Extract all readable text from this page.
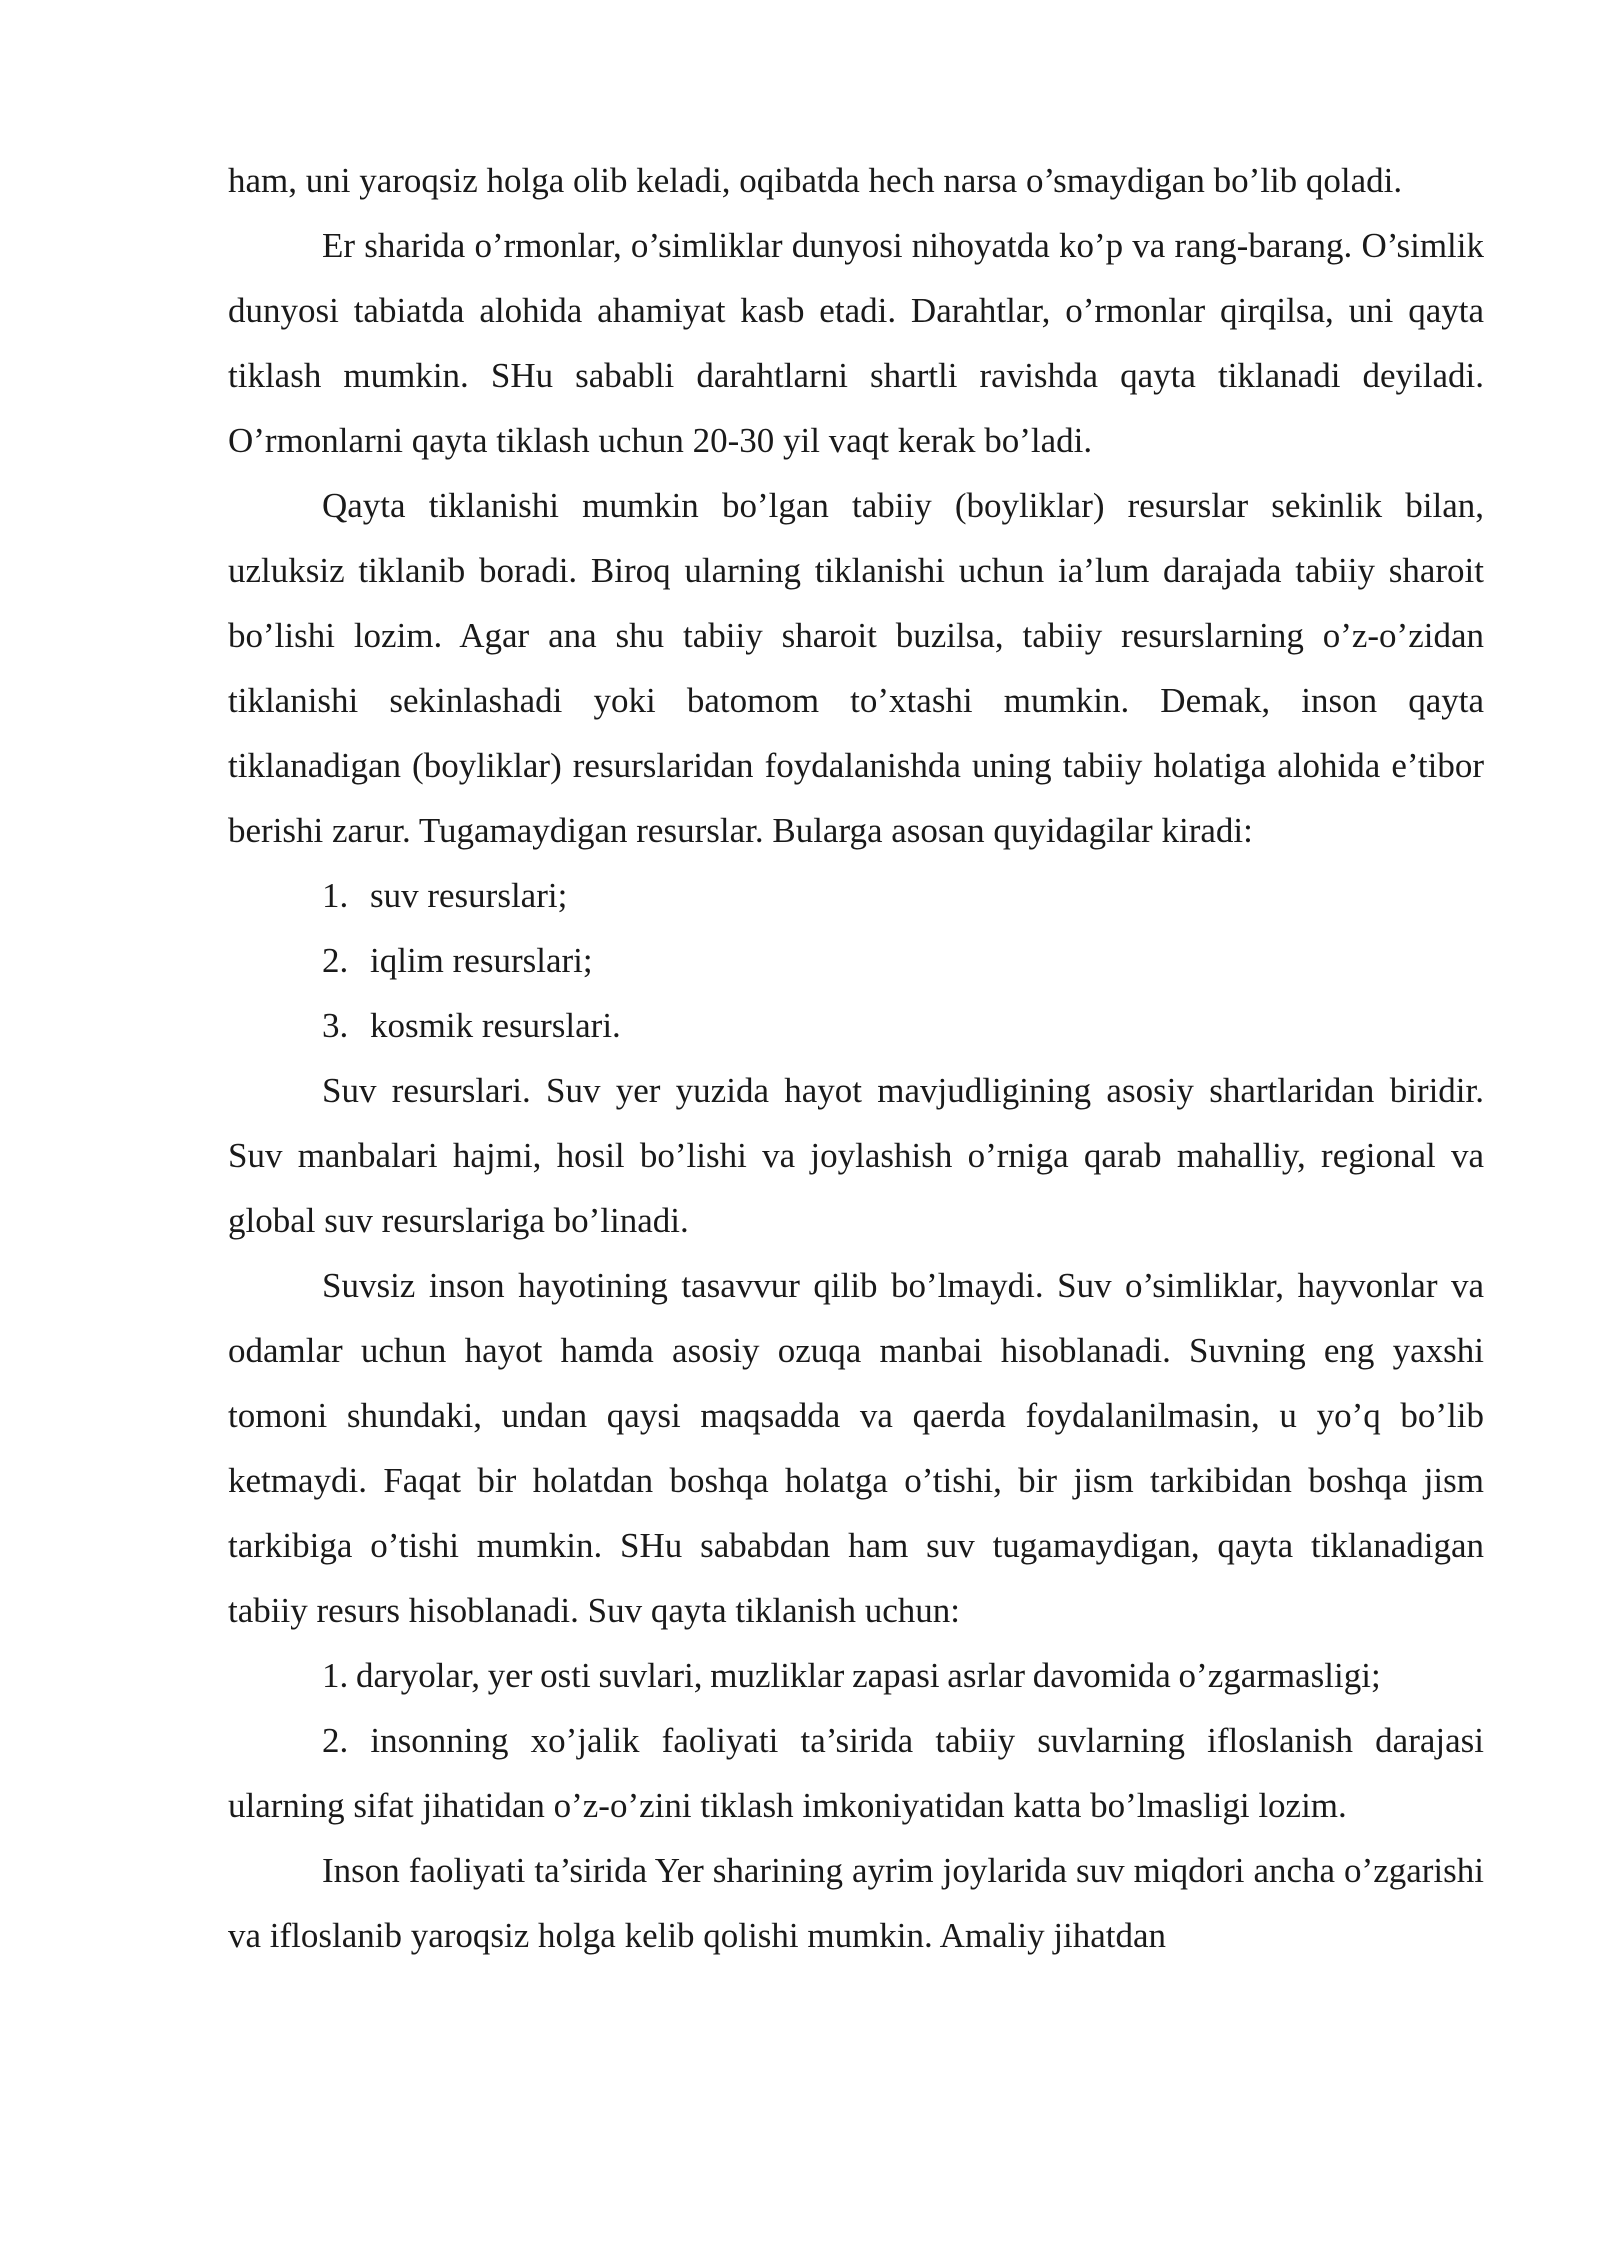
ham, uni yaroqsiz holga olib keladi, oqibatda hech narsa o’smaydigan bo’lib qoladi.

Er sharida o’rmonlar, o’simliklar dunyosi nihoyatda ko’p va rang-barang. O’simlik dunyosi tabiatda alohida ahamiyat kasb etadi. Darahtlar, o’rmonlar qirqilsa, uni qayta tiklash mumkin. SHu sababli darahtlarni shartli ravishda qayta tiklanadi deyiladi. O’rmonlarni qayta tiklash uchun 20-30 yil vaqt kerak bo’ladi.

Qayta tiklanishi mumkin bo’lgan tabiiy (boyliklar) resurslar sekinlik bilan, uzluksiz tiklanib boradi. Biroq ularning tiklanishi uchun ia’lum darajada tabiiy sharoit bo’lishi lozim. Agar ana shu tabiiy sharoit buzilsa, tabiiy resurslarning o’z-o’zidan tiklanishi sekinlashadi yoki batomom to’xtashi mumkin. Demak, inson qayta tiklanadigan (boyliklar) resurslaridan foydalanishda uning tabiiy holatiga alohida e’tibor berishi zarur. Tugamaydigan resurslar. Bularga asosan quyidagilar kiradi:

1. suv resurslari;
2. iqlim resurslari;
3. kosmik resurslari.

Suv resurslari. Suv yer yuzida hayot mavjudligining asosiy shartlaridan biridir. Suv manbalari hajmi, hosil bo’lishi va joylashish o’rniga qarab mahalliy, regional va global suv resurslariga bo’linadi.

Suvsiz inson hayotining tasavvur qilib bo’lmaydi. Suv o’simliklar, hayvonlar va odamlar uchun hayot hamda asosiy ozuqa manbai hisoblanadi. Suvning eng yaxshi tomoni shundaki, undan qaysi maqsadda va qaerda foydalanilmasin, u yo’q bo’lib ketmaydi. Faqat bir holatdan boshqa holatga o’tishi, bir jism tarkibidan boshqa jism tarkibiga o’tishi mumkin. SHu sababdan ham suv tugamaydigan, qayta tiklanadigan tabiiy resurs hisoblanadi. Suv qayta tiklanish uchun:

1. daryolar, yer osti suvlari, muzliklar zapasi asrlar davomida o’zgarmasligi;

2. insonning xo’jalik faoliyati ta’sirida tabiiy suvlarning ifloslanish darajasi ularning sifat jihatidan o’z-o’zini tiklash imkoniyatidan katta bo’lmasligi lozim.

Inson faoliyati ta’sirida Yer sharining ayrim joylarida suv miqdori ancha o’zgarishi va ifloslanib yaroqsiz holga kelib qolishi mumkin. Amaliy jihatdan
